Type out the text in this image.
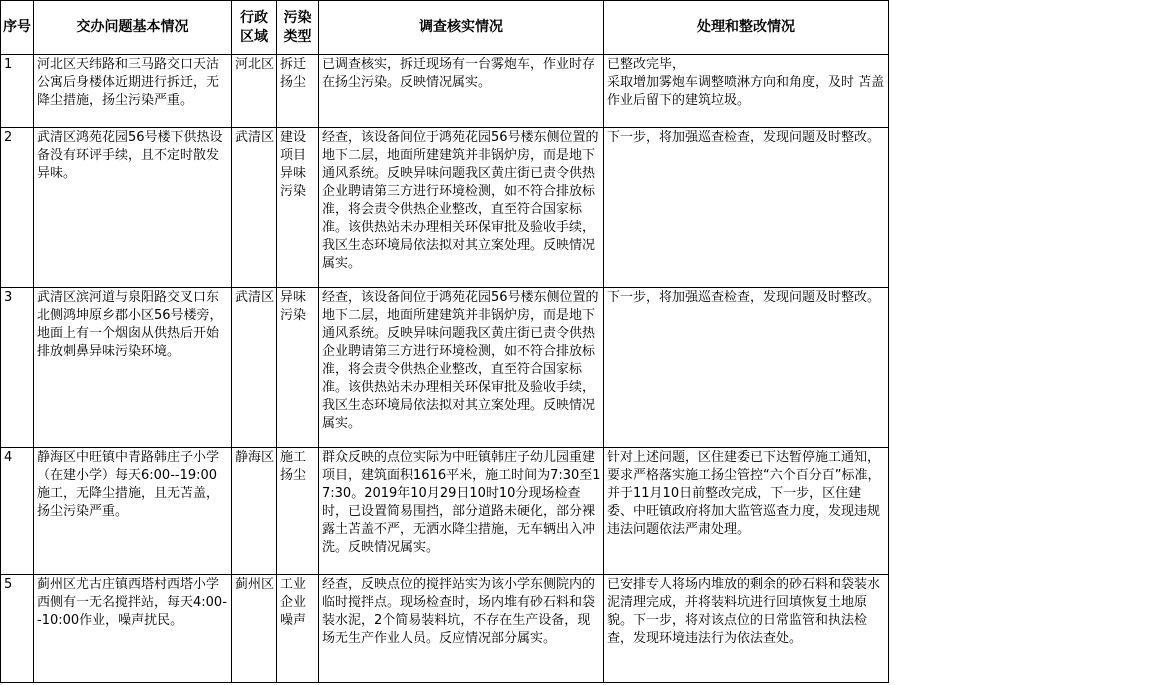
序号	交办问题基本情况	行政区域	污染类型	调查核实情况	处理和整改情况

1	河北区天纬路和三马路交口天沽公寓后身楼体近期进行拆迁，无降尘措施，扬尘污染严重。	河北区	拆迁扬尘	已调查核实，拆迁现场有一台雾炮车，作业时存在扬尘污染。反映情况属实。	已整改完毕，
采取增加雾炮车调整喷淋方向和角度，及时 苫盖作业后留下的建筑垃圾。

2	武清区鸿苑花园56号楼下供热设备没有环评手续，且不定时散发异味。	武清区	建设项目异味污染	经查，该设备间位于鸿苑花园56号楼东侧位置的地下二层，地面所建建筑并非锅炉房，而是地下通风系统。反映异味问题我区黄庄街已责令供热企业聘请第三方进行环境检测，如不符合排放标准，将会责令供热企业整改，直至符合国家标准。该供热站未办理相关环保审批及验收手续，我区生态环境局依法拟对其立案处理。反映情况属实。	下一步，将加强巡查检查，发现问题及时整改。

3	武清区滨河道与泉阳路交叉口东北侧鸿坤原乡郡小区56号楼旁，地面上有一个烟囱从供热后开始排放刺鼻异味污染环境。	武清区	异味污染	经查，该设备间位于鸿苑花园56号楼东侧位置的地下二层，地面所建建筑并非锅炉房，而是地下通风系统。反映异味问题我区黄庄街已责令供热企业聘请第三方进行环境检测，如不符合排放标准，将会责令供热企业整改，直至符合国家标准。该供热站未办理相关环保审批及验收手续，我区生态环境局依法拟对其立案处理。反映情况属实。	下一步，将加强巡查检查，发现问题及时整改。

4	静海区中旺镇中青路韩庄子小学（在建小学）每天6:00--19:00施工，无降尘措施，且无苫盖，扬尘污染严重。	静海区	施工扬尘	群众反映的点位实际为中旺镇韩庄子幼儿园重建项目，建筑面积1616平米，施工时间为7:30至17:30。2019年10月29日10时10分现场检查时，已设置简易围挡，部分道路未硬化，部分裸露土苫盖不严，无洒水降尘措施，无车辆出入冲洗。反映情况属实。	针对上述问题，区住建委已下达暂停施工通知，要求严格落实施工扬尘管控“六个百分百”标准，并于11月10日前整改完成，下一步，区住建委、中旺镇政府将加大监管巡查力度，发现违规违法问题依法严肃处理。

5	蓟州区尤古庄镇西塔村西塔小学西侧有一无名搅拌站，每天4:00--10:00作业，噪声扰民。	蓟州区	工业企业噪声	经查，反映点位的搅拌站实为该小学东侧院内的临时搅拌点。现场检查时，场内堆有砂石料和袋装水泥，2个简易装料坑，不存在生产设备，现场无生产作业人员。反应情况部分属实。	已安排专人将场内堆放的剩余的砂石料和袋装水泥清理完成，并将装料坑进行回填恢复土地原貌。下一步，将对该点位的日常监管和执法检查，发现环境违法行为依法查处。
